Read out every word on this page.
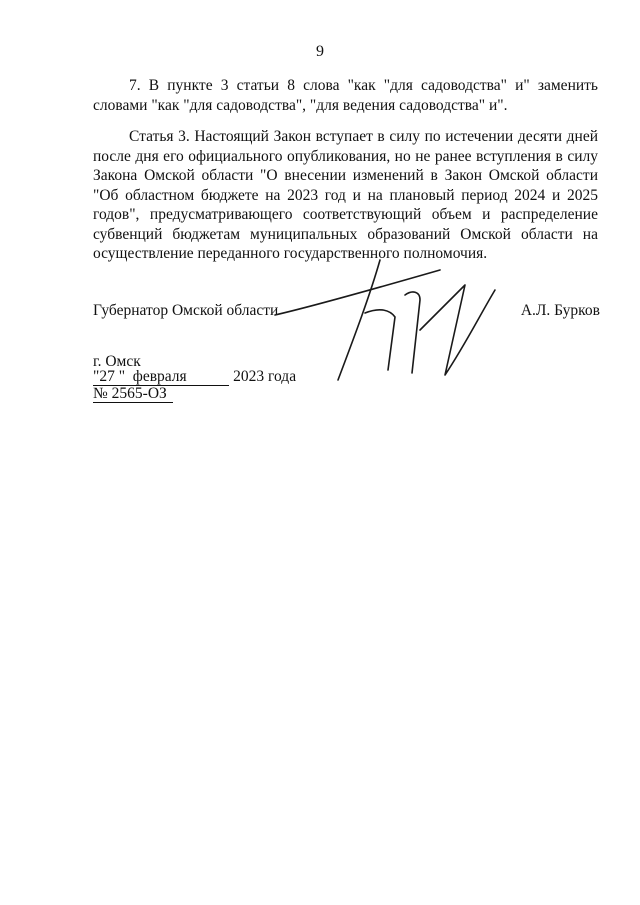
9

7. В пункте 3 статьи 8 слова "как "для садоводства" и" заменить словами "как "для садоводства", "для ведения садоводства" и".

Статья 3. Настоящий Закон вступает в силу по истечении десяти дней после дня его официального опубликования, но не ранее вступления в силу Закона Омской области "О внесении изменений в Закон Омской области "Об областном бюджете на 2023 год и на плановый период 2024 и 2025 годов", предусматривающего соответствующий объем и распределение субвенций бюджетам муниципальных образований Омской области на осуществление переданного государственного полномочия.

Губернатор Омской области	А.Л. Бурков
г. Омск
"27 " февраля	2023 года
№ 2565-ОЗ
